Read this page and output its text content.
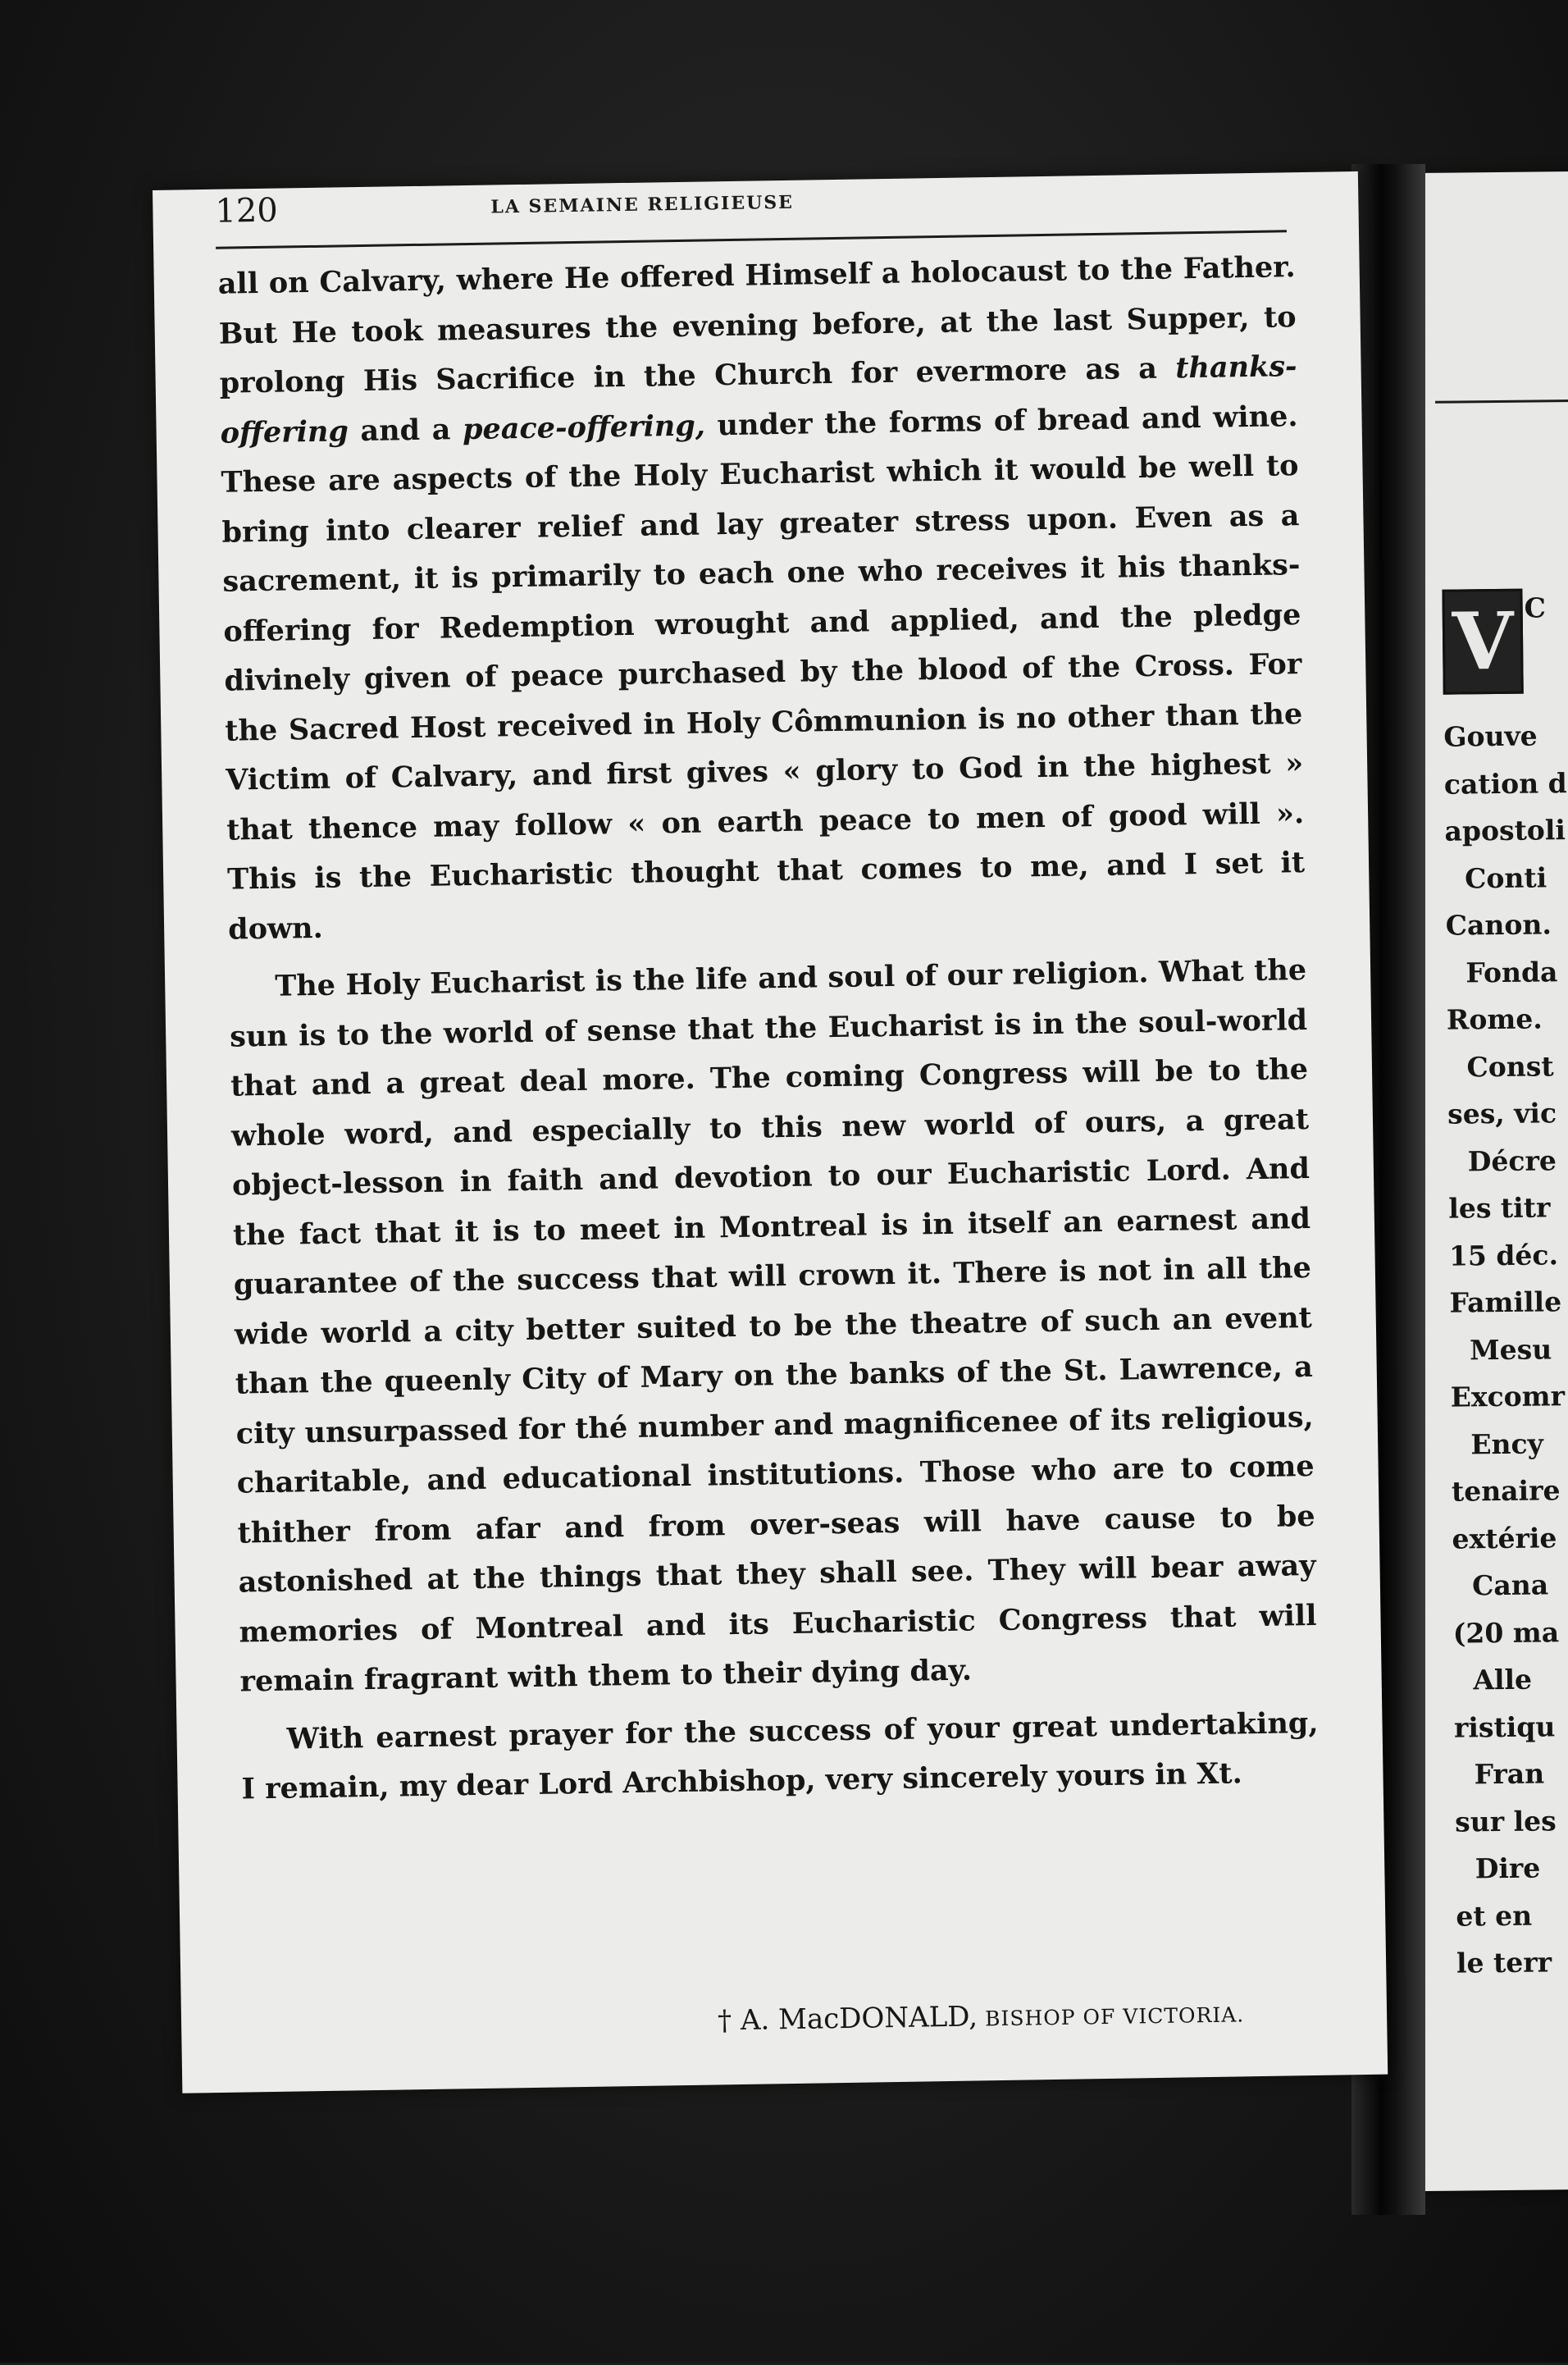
V C
Gouve
cation d
apostoli
Conti
Canon.
Fonda
Rome.
Const
ses, vic
Décre
les titr
15 déc.
Famille
Mesu
Excomr
Ency
tenaire
extérie
Cana
(20 ma
Alle
ristiqu
Fran
sur les
Dire
et en
le terr
120	LA SEMAINE RELIGIEUSE

all on Calvary, where He offered Himself a holocaust to the Father. But He took measures the evening before, at the last Supper, to prolong His Sacrifice in the Church for evermore as a thanks-offering and a peace-offering, under the forms of bread and wine. These are aspects of the Holy Eucharist which it would be well to bring into clearer relief and lay greater stress upon. Even as a sacrement, it is primarily to each one who receives it his thanks-offering for Redemption wrought and applied, and the pledge divinely given of peace purchased by the blood of the Cross. For the Sacred Host received in Holy Cômmunion is no other than the Victim of Calvary, and first gives « glory to God in the highest » that thence may follow « on earth peace to men of good will ». This is the Eucharistic thought that comes to me, and I set it down.

The Holy Eucharist is the life and soul of our religion. What the sun is to the world of sense that the Eucharist is in the soul-world that and a great deal more. The coming Congress will be to the whole word, and especially to this new world of ours, a great object-lesson in faith and devotion to our Eucharistic Lord. And the fact that it is to meet in Montreal is in itself an earnest and guarantee of the success that will crown it. There is not in all the wide world a city better suited to be the theatre of such an event than the queenly City of Mary on the banks of the St. Lawrence, a city unsurpassed for thé number and magnificenee of its religious, charitable, and educational institutions. Those who are to come thither from afar and from over-seas will have cause to be astonished at the things that they shall see. They will bear away memories of Montreal and its Eucharistic Congress that will remain fragrant with them to their dying day.

With earnest prayer for the success of your great undertaking, I remain, my dear Lord Archbishop, very sincerely yours in Xt.

† A. MacDONALD, BISHOP OF VICTORIA.
